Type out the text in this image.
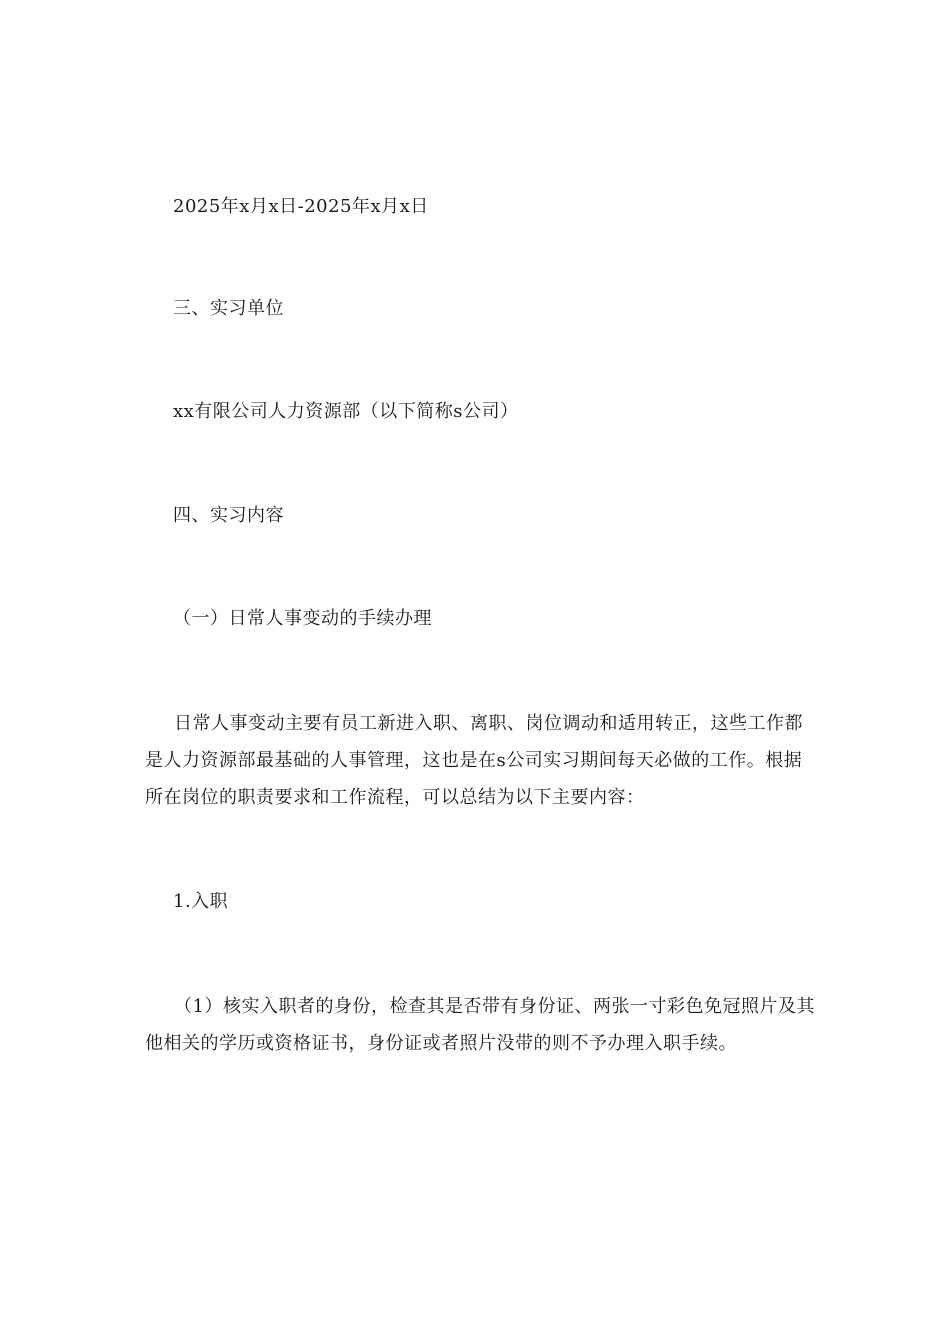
2025年x月x日-2025年x月x日
三、实习单位
xx有限公司人力资源部（以下简称s公司）
四、实习内容
（一）日常人事变动的手续办理
日常人事变动主要有员工新进入职、离职、岗位调动和适用转正，这些工作都是人力资源部最基础的人事管理，这也是在s公司实习期间每天必做的工作。根据所在岗位的职责要求和工作流程，可以总结为以下主要内容：
1.入职
（1）核实入职者的身份，检查其是否带有身份证、两张一寸彩色免冠照片及其他相关的学历或资格证书，身份证或者照片没带的则不予办理入职手续。
